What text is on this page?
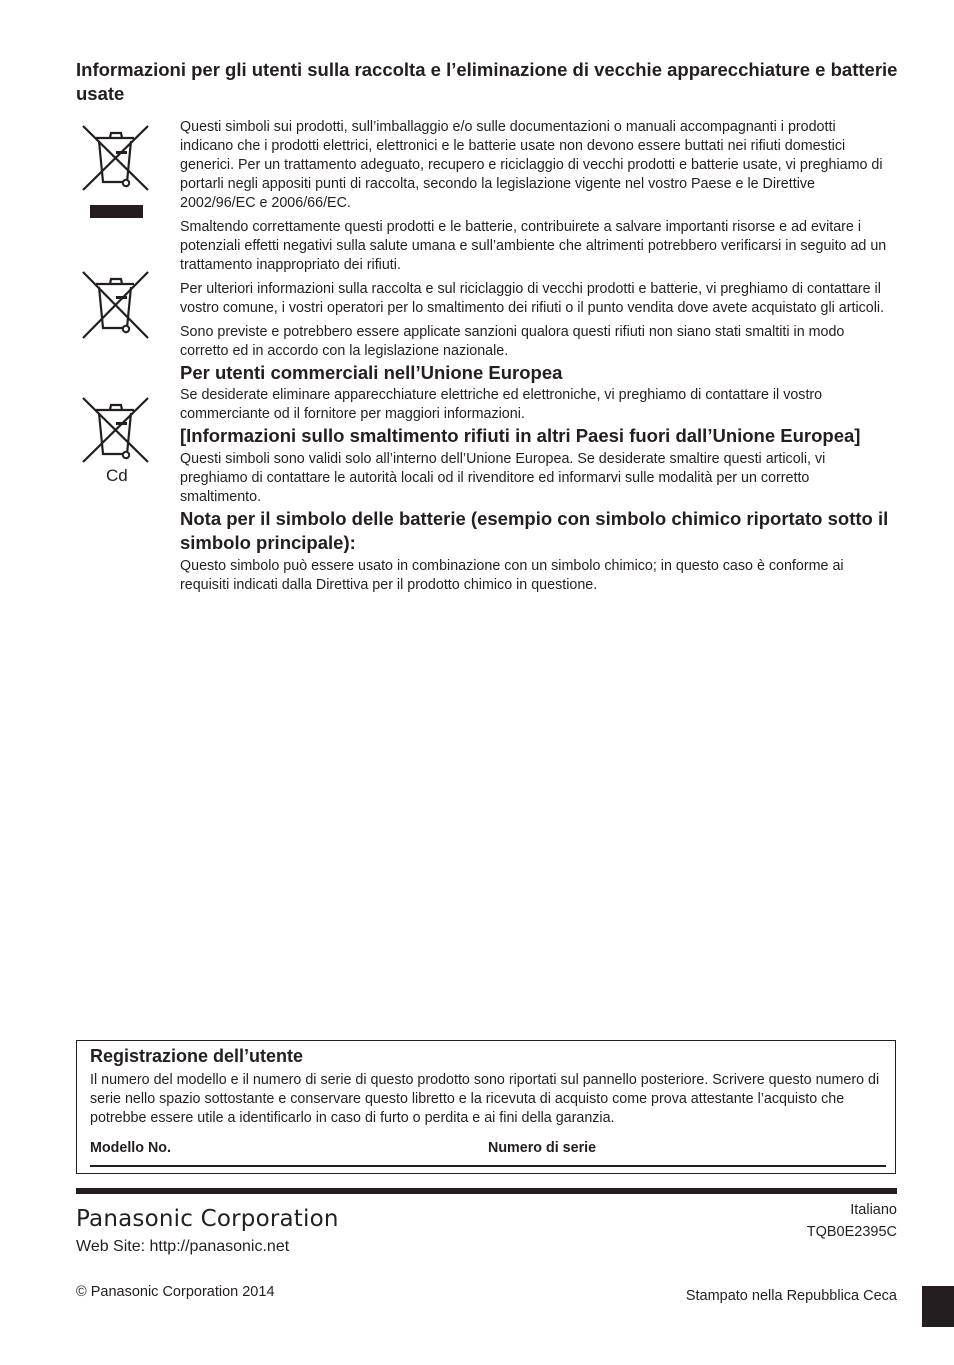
Informazioni per gli utenti sulla raccolta e l’eliminazione di vecchie apparecchiature e batterie usate
Cd

Questi simboli sui prodotti, sull’imballaggio e/o sulle documentazioni o manuali accompagnanti i prodotti indicano che i prodotti elettrici, elettronici e le batterie usate non devono essere buttati nei rifiuti domestici generici. Per un trattamento adeguato, recupero e riciclaggio di vecchi prodotti e batterie usate, vi preghiamo di portarli negli appositi punti di raccolta, secondo la legislazione vigente nel vostro Paese e le Direttive 2002/96/EC e 2006/66/EC.

Smaltendo correttamente questi prodotti e le batterie, contribuirete a salvare importanti risorse e ad evitare i potenziali effetti negativi sulla salute umana e sull’ambiente che altrimenti potrebbero verificarsi in seguito ad un trattamento inappropriato dei rifiuti.

Per ulteriori informazioni sulla raccolta e sul riciclaggio di vecchi prodotti e batterie, vi preghiamo di contattare il vostro comune, i vostri operatori per lo smaltimento dei rifiuti o il punto vendita dove avete acquistato gli articoli.

Sono previste e potrebbero essere applicate sanzioni qualora questi rifiuti non siano stati smaltiti in modo corretto ed in accordo con la legislazione nazionale.

Per utenti commerciali nell’Unione Europea

Se desiderate eliminare apparecchiature elettriche ed elettroniche, vi preghiamo di contattare il vostro commerciante od il fornitore per maggiori informazioni.

[Informazioni sullo smaltimento rifiuti in altri Paesi fuori dall’Unione Europea]

Questi simboli sono validi solo all’interno dell’Unione Europea. Se desiderate smaltire questi articoli, vi preghiamo di contattare le autorità locali od il rivenditore ed informarvi sulle modalità per un corretto smaltimento.

Nota per il simbolo delle batterie (esempio con simbolo chimico riportato sotto il simbolo principale):

Questo simbolo può essere usato in combinazione con un simbolo chimico; in questo caso è conforme ai requisiti indicati dalla Direttiva per il prodotto chimico in questione.

Registrazione dell’utente

Il numero del modello e il numero di serie di questo prodotto sono riportati sul pannello posteriore. Scrivere questo numero di serie nello spazio sottostante e conservare questo libretto e la ricevuta di acquisto come prova attestante l’acquisto che potrebbe essere utile a identificarlo in caso di furto o perdita e ai fini della garanzia.

Modello No.	Numero di serie
Panasonic Corporation
Web Site: http://panasonic.net
Italiano
TQB0E2395C
© Panasonic Corporation 2014	Stampato nella Repubblica Ceca
